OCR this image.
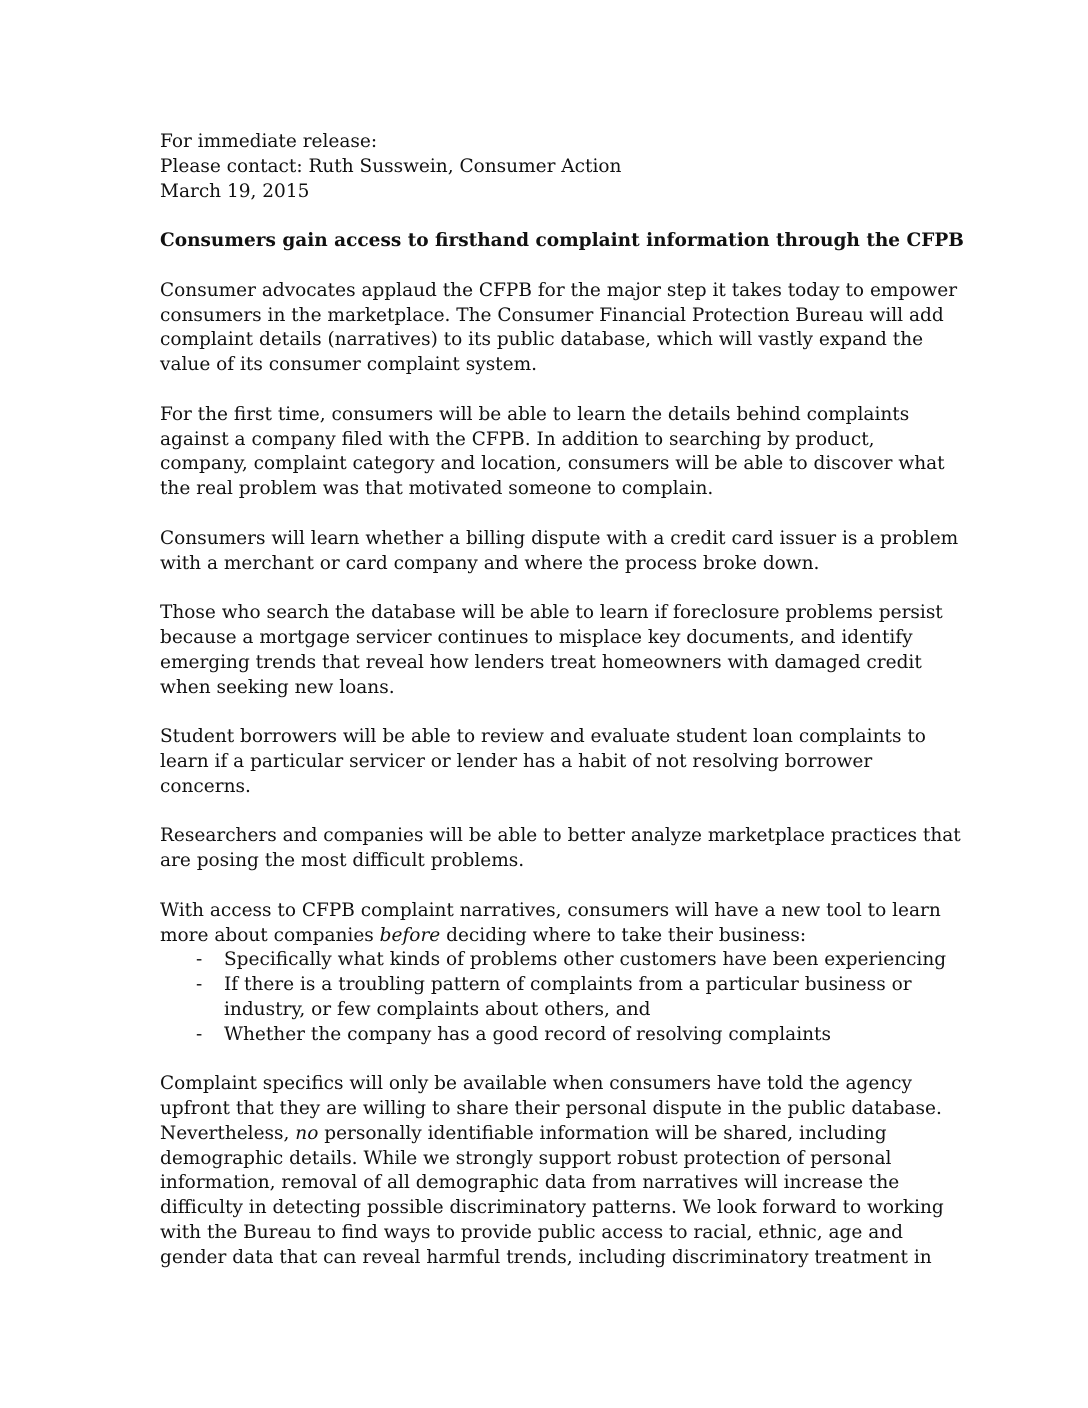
For immediate release:
Please contact: Ruth Susswein, Consumer Action
March 19, 2015
Consumers gain access to firsthand complaint information through the CFPB
Consumer advocates applaud the CFPB for the major step it takes today to empower
consumers in the marketplace. The Consumer Financial Protection Bureau will add
complaint details (narratives) to its public database, which will vastly expand the
value of its consumer complaint system.
For the first time, consumers will be able to learn the details behind complaints
against a company filed with the CFPB. In addition to searching by product,
company, complaint category and location, consumers will be able to discover what
the real problem was that motivated someone to complain.
Consumers will learn whether a billing dispute with a credit card issuer is a problem
with a merchant or card company and where the process broke down.
Those who search the database will be able to learn if foreclosure problems persist
because a mortgage servicer continues to misplace key documents, and identify
emerging trends that reveal how lenders treat homeowners with damaged credit
when seeking new loans.
Student borrowers will be able to review and evaluate student loan complaints to
learn if a particular servicer or lender has a habit of not resolving borrower
concerns.
Researchers and companies will be able to better analyze marketplace practices that
are posing the most difficult problems.
With access to CFPB complaint narratives, consumers will have a new tool to learn
more about companies before deciding where to take their business:
- Specifically what kinds of problems other customers have been experiencing
- If there is a troubling pattern of complaints from a particular business or
industry, or few complaints about others, and
- Whether the company has a good record of resolving complaints
Complaint specifics will only be available when consumers have told the agency
upfront that they are willing to share their personal dispute in the public database.
Nevertheless, no personally identifiable information will be shared, including
demographic details. While we strongly support robust protection of personal
information, removal of all demographic data from narratives will increase the
difficulty in detecting possible discriminatory patterns. We look forward to working
with the Bureau to find ways to provide public access to racial, ethnic, age and
gender data that can reveal harmful trends, including discriminatory treatment in
